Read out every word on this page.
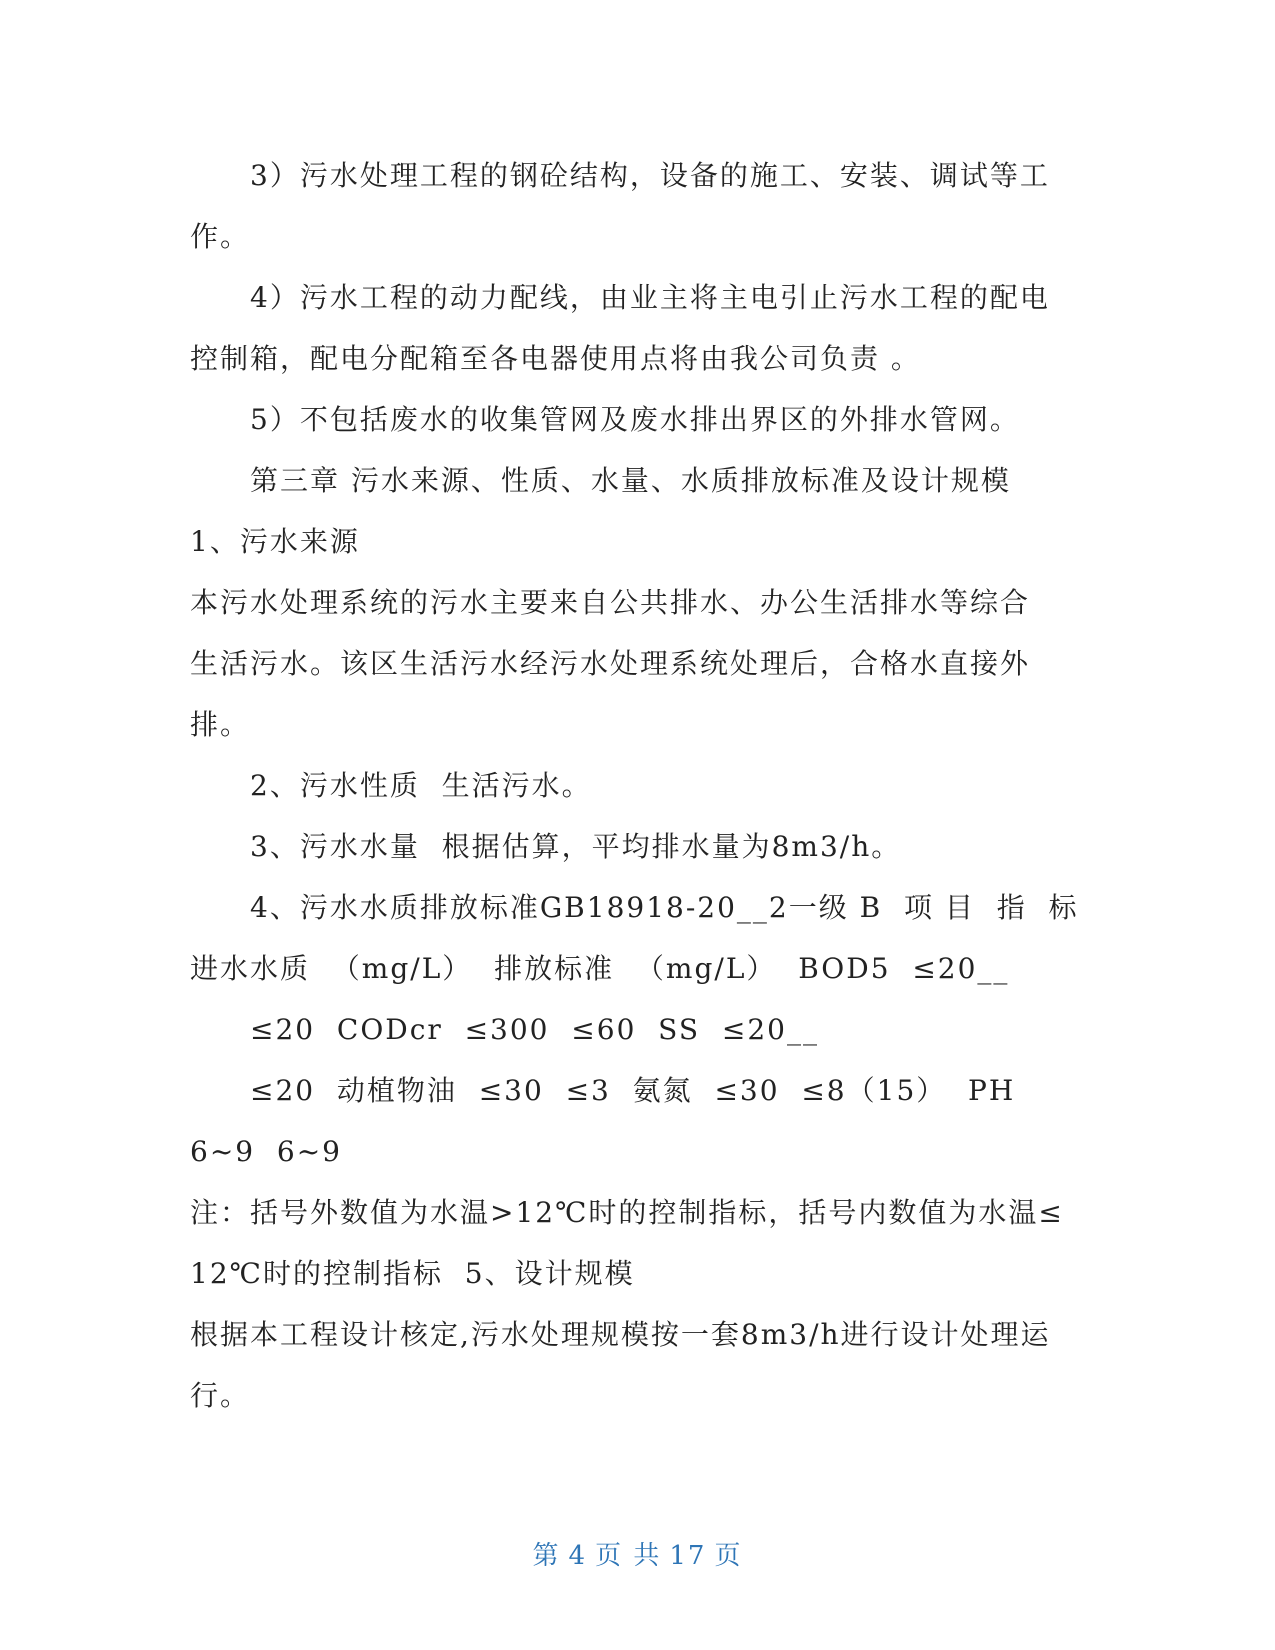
3）污水处理工程的钢砼结构，设备的施工、安装、调试等工
作。
4）污水工程的动力配线，由业主将主电引止污水工程的配电
控制箱，配电分配箱至各电器使用点将由我公司负责 。
5）不包括废水的收集管网及废水排出界区的外排水管网。
第三章 污水来源、性质、水量、水质排放标准及设计规模
1、污水来源
本污水处理系统的污水主要来自公共排水、办公生活排水等综合
生活污水。该区生活污水经污水处理系统处理后，合格水直接外
排。
2、污水性质  生活污水。
3、污水水量  根据估算，平均排水量为8m3/h。
4、污水水质排放标准GB18918-20__2一级 B  项 目  指  标
进水水质  （mg/L）  排放标准  （mg/L）  BOD5  ≤20__
≤20  CODcr  ≤300  ≤60  SS  ≤20__
≤20  动植物油  ≤30  ≤3  氨氮  ≤30  ≤8（15）  PH
6~9  6~9
注：括号外数值为水温>12℃时的控制指标，括号内数值为水温≤
12℃时的控制指标  5、设计规模
根据本工程设计核定,污水处理规模按一套8m3/h进行设计处理运
行。
第 4 页 共 17 页
